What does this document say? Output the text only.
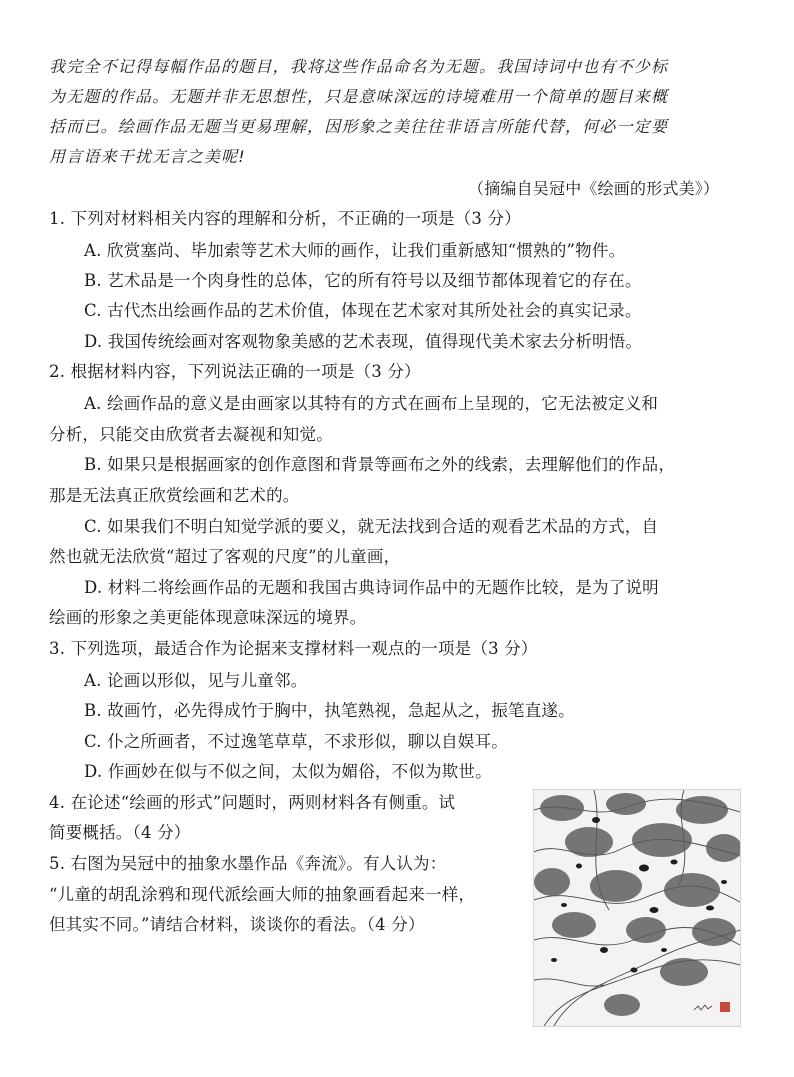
我完全不记得每幅作品的题目，我将这些作品命名为无题。我国诗词中也有不少标
为无题的作品。无题并非无思想性，只是意味深远的诗境难用一个简单的题目来概
括而已。绘画作品无题当更易理解，因形象之美往往非语言所能代替，何必一定要
用言语来干扰无言之美呢!
（摘编自吴冠中《绘画的形式美》）
1. 下列对材料相关内容的理解和分析，不正确的一项是（3 分）
A. 欣赏塞尚、毕加索等艺术大师的画作，让我们重新感知“惯熟的”物件。
B. 艺术品是一个肉身性的总体，它的所有符号以及细节都体现着它的存在。
C. 古代杰出绘画作品的艺术价值，体现在艺术家对其所处社会的真实记录。
D. 我国传统绘画对客观物象美感的艺术表现，值得现代美术家去分析明悟。
2. 根据材料内容，下列说法正确的一项是（3 分）
A. 绘画作品的意义是由画家以其特有的方式在画布上呈现的，它无法被定义和
分析，只能交由欣赏者去凝视和知觉。
B. 如果只是根据画家的创作意图和背景等画布之外的线索，去理解他们的作品，
那是无法真正欣赏绘画和艺术的。
C. 如果我们不明白知觉学派的要义，就无法找到合适的观看艺术品的方式，自
然也就无法欣赏“超过了客观的尺度”的儿童画，
D. 材料二将绘画作品的无题和我国古典诗词作品中的无题作比较，是为了说明
绘画的形象之美更能体现意味深远的境界。
3. 下列选项，最适合作为论据来支撑材料一观点的一项是（3 分）
A. 论画以形似，见与儿童邻。
B. 故画竹，必先得成竹于胸中，执笔熟视，急起从之，振笔直遂。
C. 仆之所画者，不过逸笔草草，不求形似，聊以自娱耳。
D. 作画妙在似与不似之间，太似为媚俗，不似为欺世。
4. 在论述“绘画的形式”问题时，两则材料各有侧重。试
简要概括。（4 分）
5. 右图为吴冠中的抽象水墨作品《奔流》。有人认为：
“儿童的胡乱涂鸦和现代派绘画大师的抽象画看起来一样，
但其实不同。”请结合材料，谈谈你的看法。（4 分）
